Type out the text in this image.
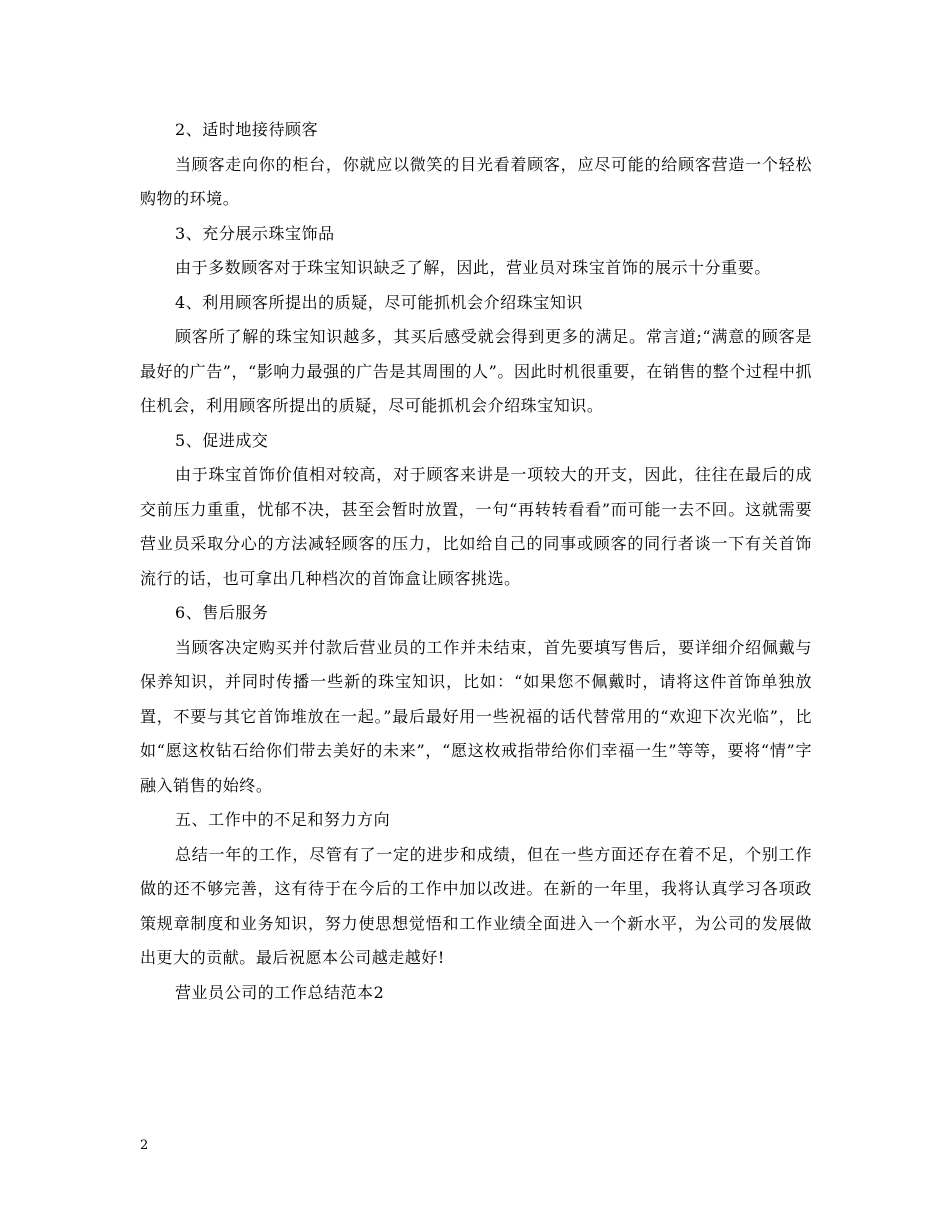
2、适时地接待顾客

当顾客走向你的柜台，你就应以微笑的目光看着顾客，应尽可能的给顾客营造一个轻松购物的环境。

3、充分展示珠宝饰品

由于多数顾客对于珠宝知识缺乏了解，因此，营业员对珠宝首饰的展示十分重要。

4、利用顾客所提出的质疑，尽可能抓机会介绍珠宝知识

顾客所了解的珠宝知识越多，其买后感受就会得到更多的满足。常言道;“满意的顾客是最好的广告”，“影响力最强的广告是其周围的人”。因此时机很重要，在销售的整个过程中抓住机会，利用顾客所提出的质疑，尽可能抓机会介绍珠宝知识。

5、促进成交

由于珠宝首饰价值相对较高，对于顾客来讲是一项较大的开支，因此，往往在最后的成交前压力重重，忧郁不决，甚至会暂时放置，一句“再转转看看”而可能一去不回。这就需要营业员采取分心的方法减轻顾客的压力，比如给自己的同事或顾客的同行者谈一下有关首饰流行的话，也可拿出几种档次的首饰盒让顾客挑选。

6、售后服务

当顾客决定购买并付款后营业员的工作并未结束，首先要填写售后，要详细介绍佩戴与保养知识，并同时传播一些新的珠宝知识，比如：“如果您不佩戴时，请将这件首饰单独放置，不要与其它首饰堆放在一起。”最后最好用一些祝福的话代替常用的“欢迎下次光临”，比如“愿这枚钻石给你们带去美好的未来”，“愿这枚戒指带给你们幸福一生”等等，要将“情”字融入销售的始终。

五、工作中的不足和努力方向

总结一年的工作，尽管有了一定的进步和成绩，但在一些方面还存在着不足，个别工作做的还不够完善，这有待于在今后的工作中加以改进。在新的一年里，我将认真学习各项政策规章制度和业务知识，努力使思想觉悟和工作业绩全面进入一个新水平，为公司的发展做出更大的贡献。最后祝愿本公司越走越好!

营业员公司的工作总结范本2

2
